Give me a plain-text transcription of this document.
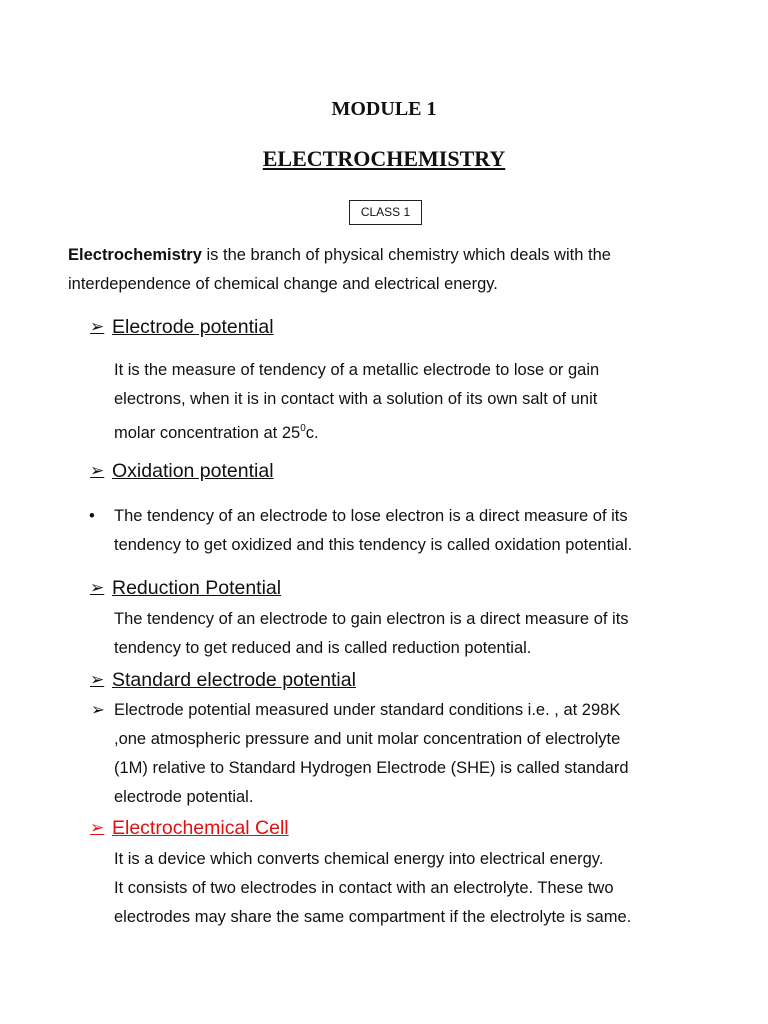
MODULE 1
ELECTROCHEMISTRY
CLASS 1
Electrochemistry is the branch of physical chemistry which deals with the
interdependence of chemical change and electrical energy.
➢ Electrode potential
It is the measure of tendency of a metallic electrode to lose or gain
electrons, when it is in contact with a solution of its own salt of unit
molar concentration at $25^0c$.
➢ Oxidation potential
• The tendency of an electrode to lose electron is a direct measure of its
tendency to get oxidized and this tendency is called oxidation potential.
➢ Reduction Potential
The tendency of an electrode to gain electron is a direct measure of its
tendency to get reduced and is called reduction potential.
➢ Standard electrode potential
➢ Electrode potential measured under standard conditions i.e. , at 298K
,one atmospheric pressure and unit molar concentration of electrolyte
(1M) relative to Standard Hydrogen Electrode (SHE) is called standard
electrode potential.
➢ Electrochemical Cell
It is a device which converts chemical energy into electrical energy.
It consists of two electrodes in contact with an electrolyte. These two
electrodes may share the same compartment if the electrolyte is same.
